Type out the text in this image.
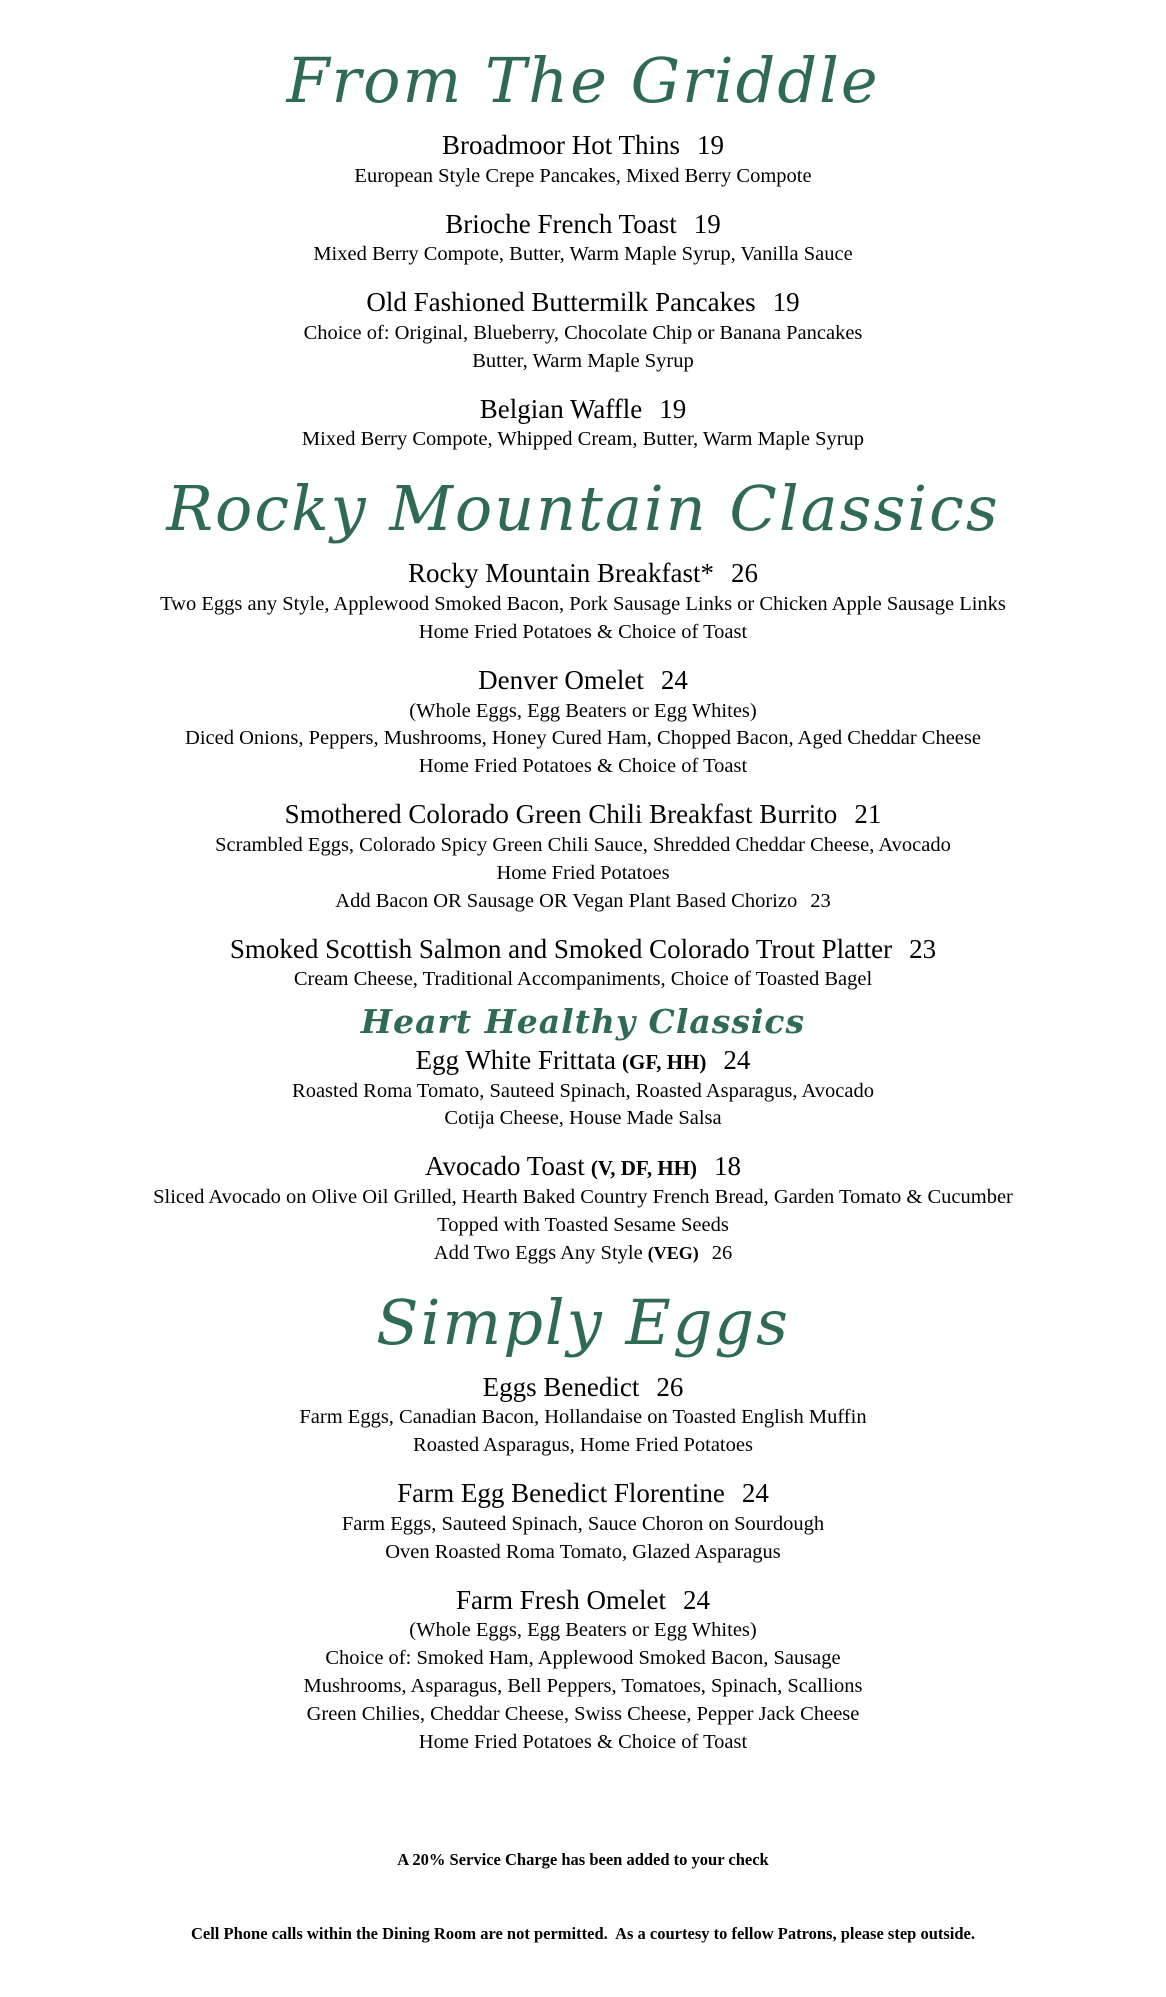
From The Griddle
Broadmoor Hot Thins 19
European Style Crepe Pancakes, Mixed Berry Compote
Brioche French Toast 19
Mixed Berry Compote, Butter, Warm Maple Syrup, Vanilla Sauce
Old Fashioned Buttermilk Pancakes 19
Choice of: Original, Blueberry, Chocolate Chip or Banana Pancakes
Butter, Warm Maple Syrup
Belgian Waffle 19
Mixed Berry Compote, Whipped Cream, Butter, Warm Maple Syrup
Rocky Mountain Classics
Rocky Mountain Breakfast* 26
Two Eggs any Style, Applewood Smoked Bacon, Pork Sausage Links or Chicken Apple Sausage Links
Home Fried Potatoes & Choice of Toast
Denver Omelet 24
(Whole Eggs, Egg Beaters or Egg Whites)
Diced Onions, Peppers, Mushrooms, Honey Cured Ham, Chopped Bacon, Aged Cheddar Cheese
Home Fried Potatoes & Choice of Toast
Smothered Colorado Green Chili Breakfast Burrito 21
Scrambled Eggs, Colorado Spicy Green Chili Sauce, Shredded Cheddar Cheese, Avocado
Home Fried Potatoes
Add Bacon OR Sausage OR Vegan Plant Based Chorizo 23
Smoked Scottish Salmon and Smoked Colorado Trout Platter 23
Cream Cheese, Traditional Accompaniments, Choice of Toasted Bagel
Heart Healthy Classics
Egg White Frittata (GF, HH) 24
Roasted Roma Tomato, Sauteed Spinach, Roasted Asparagus, Avocado
Cotija Cheese, House Made Salsa
Avocado Toast (V, DF, HH) 18
Sliced Avocado on Olive Oil Grilled, Hearth Baked Country French Bread, Garden Tomato & Cucumber
Topped with Toasted Sesame Seeds
Add Two Eggs Any Style (VEG) 26
Simply Eggs
Eggs Benedict 26
Farm Eggs, Canadian Bacon, Hollandaise on Toasted English Muffin
Roasted Asparagus, Home Fried Potatoes
Farm Egg Benedict Florentine 24
Farm Eggs, Sauteed Spinach, Sauce Choron on Sourdough
Oven Roasted Roma Tomato, Glazed Asparagus
Farm Fresh Omelet 24
(Whole Eggs, Egg Beaters or Egg Whites)
Choice of: Smoked Ham, Applewood Smoked Bacon, Sausage
Mushrooms, Asparagus, Bell Peppers, Tomatoes, Spinach, Scallions
Green Chilies, Cheddar Cheese, Swiss Cheese, Pepper Jack Cheese
Home Fried Potatoes & Choice of Toast

A 20% Service Charge has been added to your check

Cell Phone calls within the Dining Room are not permitted.  As a courtesy to fellow Patrons, please step outside.
